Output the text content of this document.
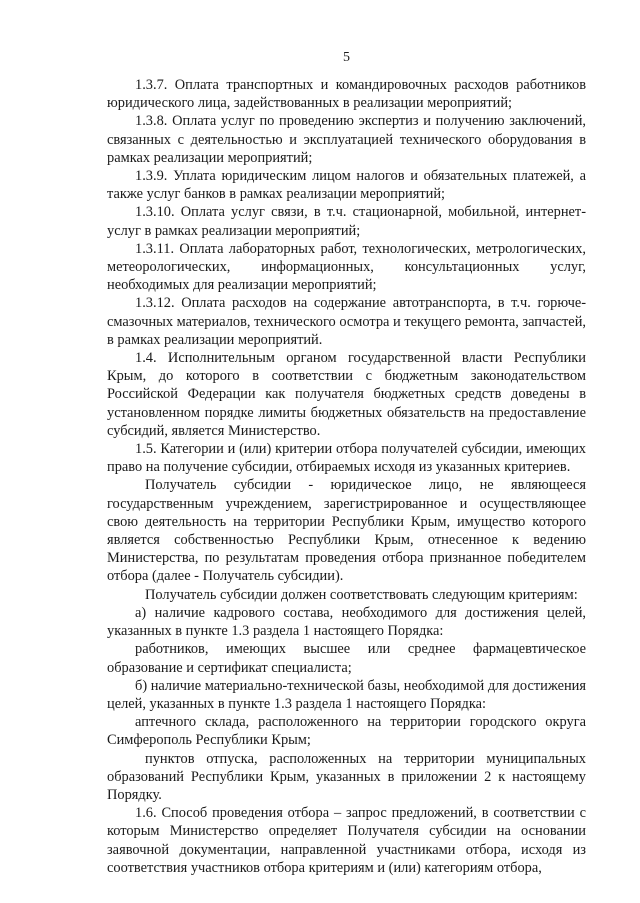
5

1.3.7. Оплата транспортных и командировочных расходов работников юридического лица, задействованных в реализации мероприятий;

1.3.8. Оплата услуг по проведению экспертиз и получению заключений, связанных с деятельностью и эксплуатацией технического оборудования в рамках реализации мероприятий;

1.3.9. Уплата юридическим лицом налогов и обязательных платежей, а также услуг банков в рамках реализации мероприятий;

1.3.10. Оплата услуг связи, в т.ч. стационарной, мобильной, интернет-услуг в рамках реализации мероприятий;

1.3.11. Оплата лабораторных работ, технологических, метрологических, метеорологических, информационных, консультационных услуг, необходимых для реализации мероприятий;

1.3.12. Оплата расходов на содержание автотранспорта, в т.ч. горюче-смазочных материалов, технического осмотра и текущего ремонта, запчастей, в рамках реализации мероприятий.

1.4. Исполнительным органом государственной власти Республики Крым, до которого в соответствии с бюджетным законодательством Российской Федерации как получателя бюджетных средств доведены в установленном порядке лимиты бюджетных обязательств на предоставление субсидий, является Министерство.

1.5. Категории и (или) критерии отбора получателей субсидии, имеющих право на получение субсидии, отбираемых исходя из указанных критериев.

Получатель субсидии - юридическое лицо, не являющееся государственным учреждением, зарегистрированное и осуществляющее свою деятельность на территории Республики Крым, имущество которого является собственностью Республики Крым, отнесенное к ведению Министерства, по результатам проведения отбора признанное победителем отбора (далее - Получатель субсидии).

Получатель субсидии должен соответствовать следующим критериям:

а) наличие кадрового состава, необходимого для достижения целей, указанных в пункте 1.3 раздела 1 настоящего Порядка:

работников, имеющих высшее или среднее фармацевтическое образование и сертификат специалиста;

б) наличие материально-технической базы, необходимой для достижения целей, указанных в пункте 1.3 раздела 1 настоящего Порядка:

аптечного склада, расположенного на территории городского округа Симферополь Республики Крым;

пунктов отпуска, расположенных на территории муниципальных образований Республики Крым, указанных в приложении 2 к настоящему Порядку.

1.6. Способ проведения отбора – запрос предложений, в соответствии с которым Министерство определяет Получателя субсидии на основании заявочной документации, направленной участниками отбора, исходя из соответствия участников отбора критериям и (или) категориям отбора,
